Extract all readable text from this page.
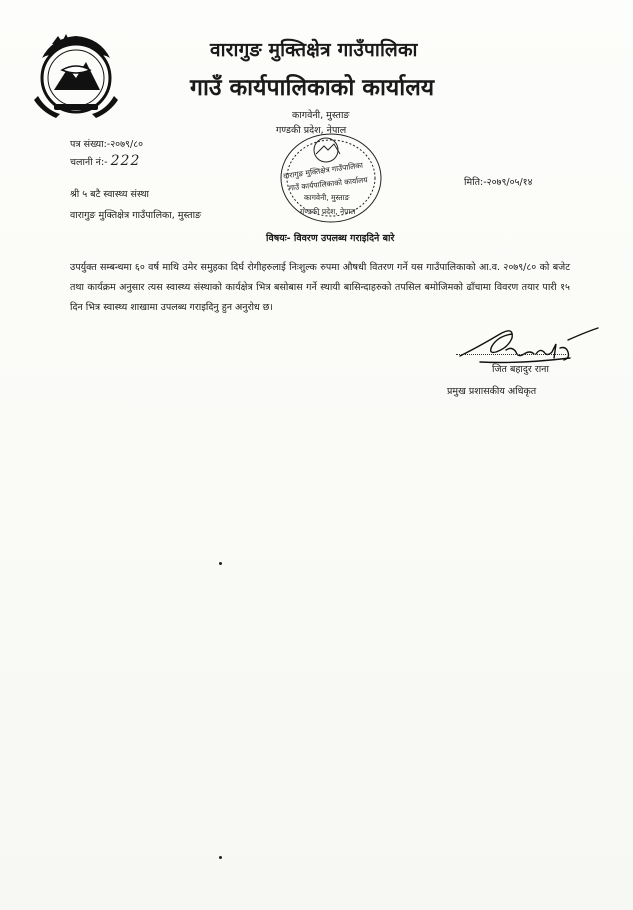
वारागुङ मुक्तिक्षेत्र गाउँपालिका
गाउँ कार्यपालिकाको कार्यालय
कागवेनी, मुस्ताङ
गण्डकी प्रदेश, नेपाल
पत्र संख्या:-२०७९/८०
चलानी नं:- 222	वारागुङ मुक्तिक्षेत्र गाउँपालिका
गाउँ कार्यपालिकाको कार्यालय
कागवेनी, मुस्ताङ
गण्डकी प्रदेश, नेपाल
मिति:-२०७९/०५/१४
श्री ५ बटै स्वास्थ्य संस्था
वारागुङ मुक्तिक्षेत्र गाउँपालिका, मुस्ताङ
विषयः- विवरण उपलब्ध गराइदिने बारे
उपर्युक्त सम्बन्धमा ६० वर्ष माथि उमेर समुहका दिर्घ रोगीहरुलाई निःशुल्क रुपमा औषधी वितरण गर्ने यस गाउँपालिकाको आ.व. २०७९/८० को बजेट तथा कार्यक्रम अनुसार त्यस स्वास्थ्य संस्थाको कार्यक्षेत्र भित्र बसोबास गर्ने स्थायी बासिन्दाहरुको तपसिल बमोजिमको ढाँचामा विवरण तयार पारी १५ दिन भित्र स्वास्थ्य शाखामा उपलब्ध गराइदिनु हुन अनुरोध छ।
जित बहादुर राना
प्रमुख प्रशासकीय अधिकृत
